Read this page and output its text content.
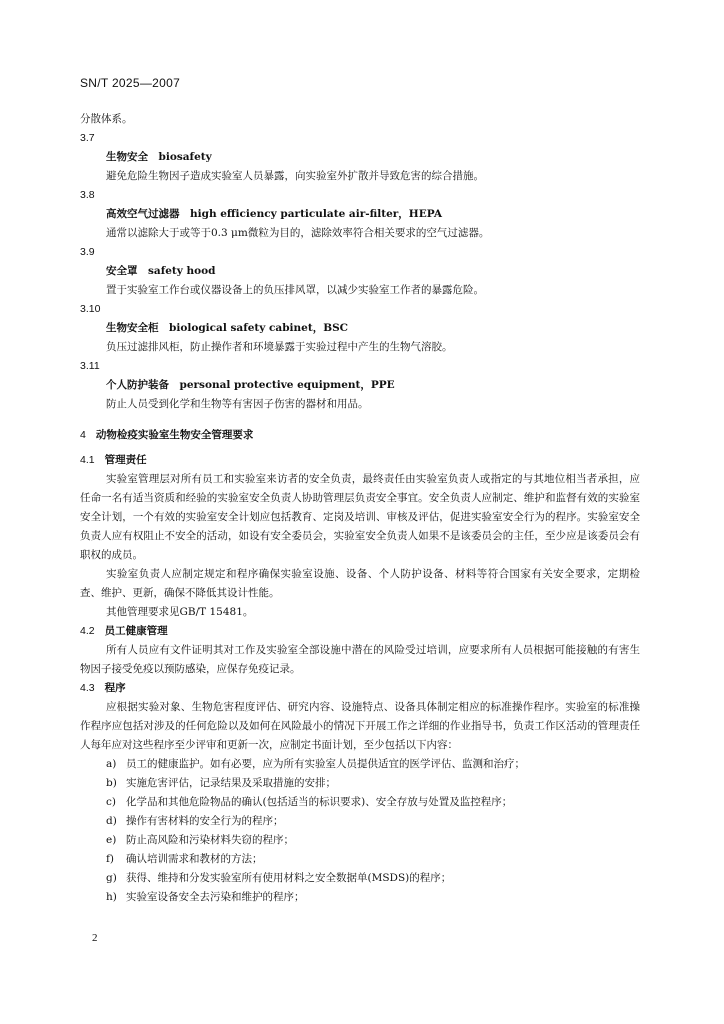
SN/T 2025—2007
分散体系。
3.7
生物安全　biosafety
避免危险生物因子造成实验室人员暴露，向实验室外扩散并导致危害的综合措施。
3.8
高效空气过滤器　high efficiency particulate air-filter，HEPA
通常以滤除大于或等于0.3 μm微粒为目的，滤除效率符合相关要求的空气过滤器。
3.9
安全罩　safety hood
置于实验室工作台或仪器设备上的负压排风罩，以减少实验室工作者的暴露危险。
3.10
生物安全柜　biological safety cabinet，BSC
负压过滤排风柜，防止操作者和环境暴露于实验过程中产生的生物气溶胶。
3.11
个人防护装备　personal protective equipment，PPE
防止人员受到化学和生物等有害因子伤害的器材和用品。
4 动物检疫实验室生物安全管理要求
4.1 管理责任
实验室管理层对所有员工和实验室来访者的安全负责，最终责任由实验室负责人或指定的与其地位相当者承担，应任命一名有适当资质和经验的实验室安全负责人协助管理层负责安全事宜。安全负责人应制定、维护和监督有效的实验室安全计划，一个有效的实验室安全计划应包括教育、定岗及培训、审核及评估，促进实验室安全行为的程序。实验室安全负责人应有权阻止不安全的活动，如设有安全委员会，实验室安全负责人如果不是该委员会的主任，至少应是该委员会有职权的成员。
实验室负责人应制定规定和程序确保实验室设施、设备、个人防护设备、材料等符合国家有关安全要求，定期检查、维护、更新，确保不降低其设计性能。
其他管理要求见GB/T 15481。
4.2 员工健康管理
所有人员应有文件证明其对工作及实验室全部设施中潜在的风险受过培训，应要求所有人员根据可能接触的有害生物因子接受免疫以预防感染，应保存免疫记录。
4.3 程序
应根据实验对象、生物危害程度评估、研究内容、设施特点、设备具体制定相应的标准操作程序。实验室的标准操作程序应包括对涉及的任何危险以及如何在风险最小的情况下开展工作之详细的作业指导书，负责工作区活动的管理责任人每年应对这些程序至少评审和更新一次，应制定书面计划，至少包括以下内容：
a) 员工的健康监护。如有必要，应为所有实验室人员提供适宜的医学评估、监测和治疗；
b) 实施危害评估，记录结果及采取措施的安排；
c) 化学品和其他危险物品的确认(包括适当的标识要求)、安全存放与处置及监控程序；
d) 操作有害材料的安全行为的程序；
e) 防止高风险和污染材料失窃的程序；
f) 确认培训需求和教材的方法；
g) 获得、维持和分发实验室所有使用材料之安全数据单(MSDS)的程序；
h) 实验室设备安全去污染和维护的程序；
2
